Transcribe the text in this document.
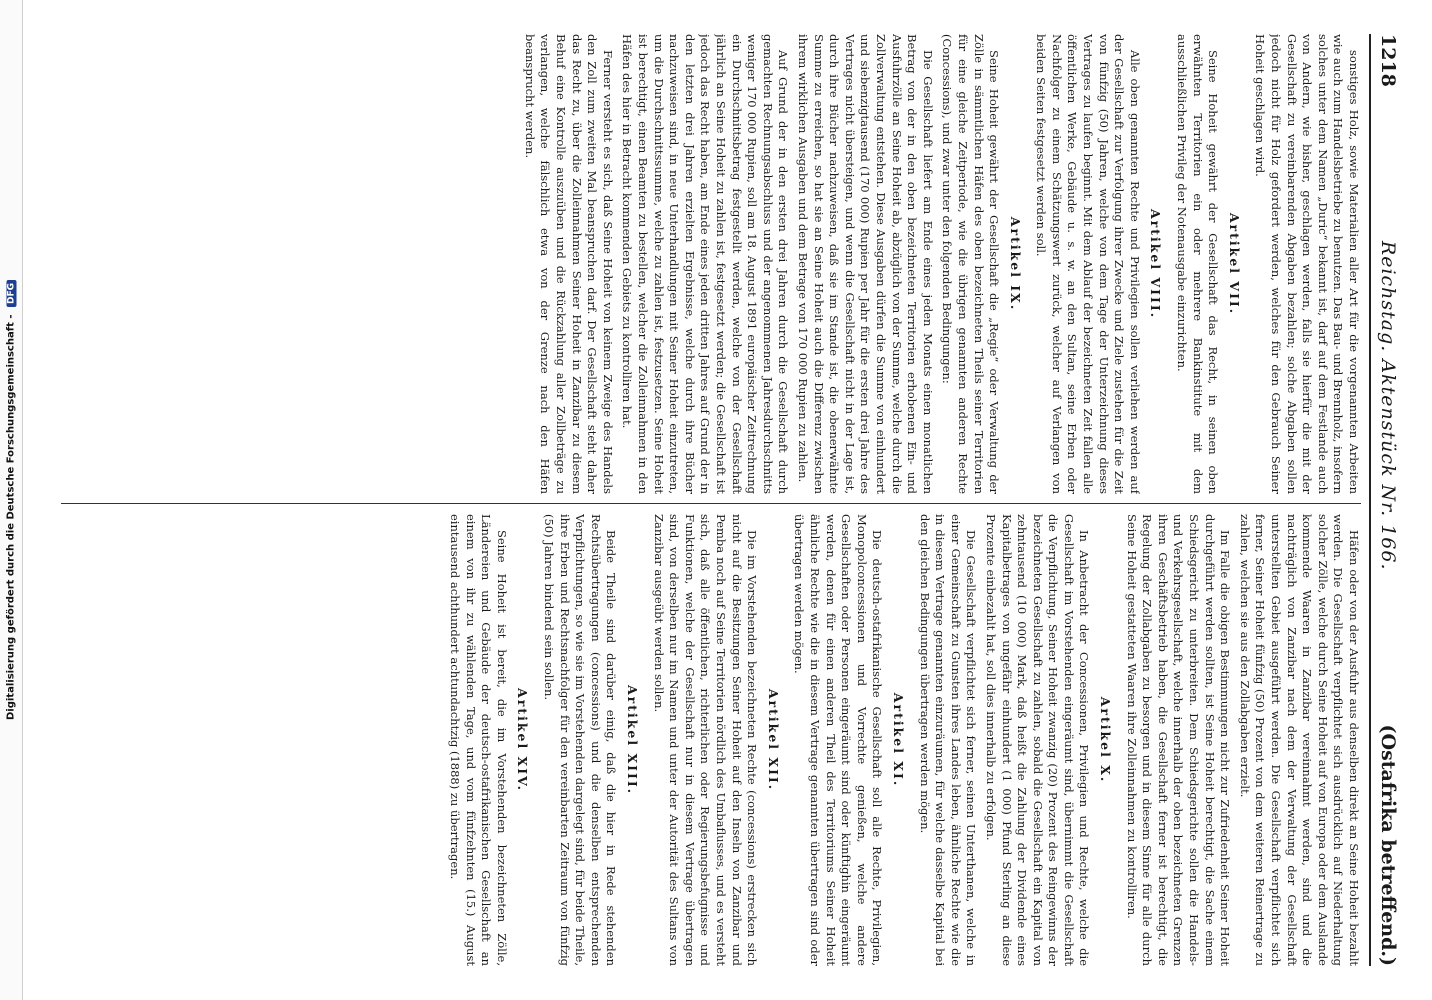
Digitalisierung gefördert durch die Deutsche Forschungsgemeinschaft - DFG
1218
Reichstag. Aktenstück Nr. 166.
(Ostafrika betreffend.)

sonstiges Holz, sowie Materialien aller Art für die vorgenannten Arbeiten wie auch zum Handelsbetriebe zu benutzen. Das Bau- und Brennholz, insofern solches unter dem Namen „Duric“ bekannt ist, darf auf dem Festlande auch von Andern, wie bisher, geschlagen werden, falls sie hierfür die mit der Gesellschaft zu vereinbarenden Abgaben bezahlen; solche Abgaben sollen jedoch nicht für Holz gefordert werden, welches für den Gebrauch Seiner Hoheit geschlagen wird.

Artikel VII.

Seine Hoheit gewährt der Gesellschaft das Recht, in seinen oben erwähnten Territorien ein oder mehrere Bankinstitute mit dem ausschließlichen Privileg der Notenausgabe einzurichten.

Artikel VIII.

Alle oben genannten Rechte und Privilegien sollen verliehen werden auf der Gesellschaft zur Verfolgung ihrer Zwecke und Ziele zustehen für die Zeit von fünfzig (50) Jahren, welche von dem Tage der Unterzeichnung dieses Vertrages zu laufen beginnt. Mit dem Ablauf der bezeichneten Zeit fallen alle öffentlichen Werke, Gebäude u. s. w. an den Sultan, seine Erben oder Nachfolger zu einem Schätzungswert zurück, welcher auf Verlangen von beiden Seiten festgesetzt werden soll.

Artikel IX.

Seine Hoheit gewährt der Gesellschaft die „Regie“ oder Verwaltung der Zölle in sämmtlichen Häfen des oben bezeichneten Theils seiner Territorien für eine gleiche Zeitperiode, wie die übrigen genannten anderen Rechte (Concessions), und zwar unter den folgenden Bedingungen:

Die Gesellschaft liefert am Ende eines jeden Monats einen monatlichen Betrag von der in den oben bezeichneten Territorien erhobenen Ein- und Ausfuhrzölle an Seine Hoheit ab, abzüglich von der Summe, welche durch die Zollverwaltung entstehen. Diese Ausgaben dürfen die Summe von einhundert und siebenzigtausend (170 000) Rupien per Jahr für die ersten drei Jahre des Vertrages nicht übersteigen, und wenn die Gesellschaft nicht in der Lage ist, durch ihre Bücher nachzuweisen, daß sie im Stande ist, die obenerwähnte Summe zu erreichen, so hat sie an Seine Hoheit auch die Differenz zwischen ihrem wirklichen Ausgaben und dem Betrage von 170 000 Rupien zu zahlen.

Auf Grund der in den ersten drei Jahren durch die Gesellschaft durch gemachten Rechnungsabschluss und der angenommenen Jahresdurchschnitts weniger 170 000 Rupien, soll am 18. August 1891 europäischer Zeitrechnung ein Durchschnittsbetrag festgestellt werden, welche von der Gesellschaft jährlich an Seine Hoheit zu zahlen ist, festgesetzt werden; die Gesellschaft ist jedoch das Recht haben, am Ende eines jeden dritten Jahres auf Grund der in den letzten drei Jahren erzielten Ergebnisse, welche durch ihre Bücher nachzuweisen sind, in neue Unterhandlungen mit Seiner Hoheit einzutreten, um die Durchschnittssumme, welche zu zahlen ist, festzusetzen. Seine Hoheit ist berechtigt, einen Beamten zu bestellen, welcher die Zolleinnahmen in den Häfen des hier in Betracht kommenden Gebiets zu kontrolliren hat.

Ferner versteht es sich, daß Seine Hoheit von keinem Zweige des Handels den Zoll zum zweiten Mal beanspruchen darf. Der Gesellschaft steht daher das Recht zu, über die Zolleinnahmen Seiner Hoheit in Zanzibar zu diesem Behuf eine Kontrolle auszuüben und die Rückzahlung aller Zollbeträge zu verlangen, welche fälschlich etwa von der Grenze nach den Häfen beansprucht werden.

Häfen oder von der Ausfuhr aus denselben direkt an Seine Hoheit bezahlt werden. Die Gesellschaft verpflichtet sich ausdrücklich auf Niederhaltung solcher Zölle, welche durch Seine Hoheit auf von Europa oder dem Auslande kommende Waaren in Zanzibar vereinnahmt werden, sind und die nachträglich von Zanzibar nach dem der Verwaltung der Gesellschaft unterstellten Gebiet ausgeführt werden. Die Gesellschaft verpflichtet sich ferner, Seiner Hoheit fünfzig (50) Prozent von dem weiteren Reinertrage zu zahlen, welchen sie aus den Zollabgaben erzielt.

Im Falle die obigen Bestimmungen nicht zur Zufriedenheit Seiner Hoheit durchgeführt werden sollten, ist Seine Hoheit berechtigt, die Sache einem Schiedsgericht zu unterbreiten. Dem Schiedsgerichte sollen die Handels- und Verkehrsgesellschaft, welche innerhalb der oben bezeichneten Grenzen ihren Geschäftsbetrieb haben, die Gesellschaft ferner ist berechtigt, die Regelung der Zollabgaben zu besorgen und in diesem Sinne für alle durch Seine Hoheit gestatteten Waaren ihre Zolleinnahmen zu kontrolliren.

Artikel X.

In Anbetracht der Concessionen, Privilegien und Rechte, welche die Gesellschaft im Vorstehenden eingeräumt sind, übernimmt die Gesellschaft die Verpflichtung, Seiner Hoheit zwanzig (20) Prozent des Reingewinns der bezeichneten Gesellschaft zu zahlen, sobald die Gesellschaft ein Kapital von zehntausend (10 000) Mark, daß heißt die Zahlung der Dividende eines Kapitalbetrages von ungefähr einhundert (1 000) Pfund Sterling an diese Prozente einbezahlt hat, soll dies innerhalb zu erfolgen.

Die Gesellschaft verpflichtet sich ferner, seinen Unterthanen, welche in einer Gemeinschaft zu Gunsten ihres Landes leben, ähnliche Rechte wie die in diesem Vertrage genannten einzuräumen, für welche dasselbe Kapital bei den gleichen Bedingungen übertragen werden mögen.

Artikel XI.

Die deutsch-ostafrikanische Gesellschaft soll alle Rechte, Privilegien, Monopolconcessionen und Vorrechte genießen, welche andere Gesellschaften oder Personen eingeräumt sind oder künftighin eingeräumt werden, denen für einen anderen Theil des Territoriums Seiner Hoheit ähnliche Rechte wie die in diesem Vertrage genannten übertragen sind oder übertragen werden mögen.

Artikel XII.

Die im Vorstehenden bezeichneten Rechte (concessions) erstrecken sich nicht auf die Besitzungen Seiner Hoheit auf den Inseln von Zanzibar und Pemba noch auf Seine Territorien nördlich des Umbaflusses, und es versteht sich, daß alle öffentlichen, richterlichen oder Regierungsbefugnisse und Funktionen, welche der Gesellschaft nur in diesem Vertrage übertragen sind, von derselben nur im Namen und unter der Autorität des Sultans von Zanzibar ausgeübt werden sollen.

Artikel XIII.

Beide Theile sind darüber einig, daß die hier in Rede stehenden Rechtsübertragungen (concessions) und die denselben entsprechenden Verpflichtungen, so wie sie im Vorstehenden dargelegt sind, für beide Theile, ihre Erben und Rechtsnachfolger für den vereinbarten Zeitraum von fünfzig (50) Jahren bindend sein sollen.

Artikel XIV.

Seine Hoheit ist bereit, die im Vorstehenden bezeichneten Zölle, Ländereien und Gebäude der deutsch-ostafrikanischen Gesellschaft an einem von ihr zu wählenden Tage, und vom fünfzehnten (15.) August eintausend achthundert achtundachtzig (1888) zu übertragen.
